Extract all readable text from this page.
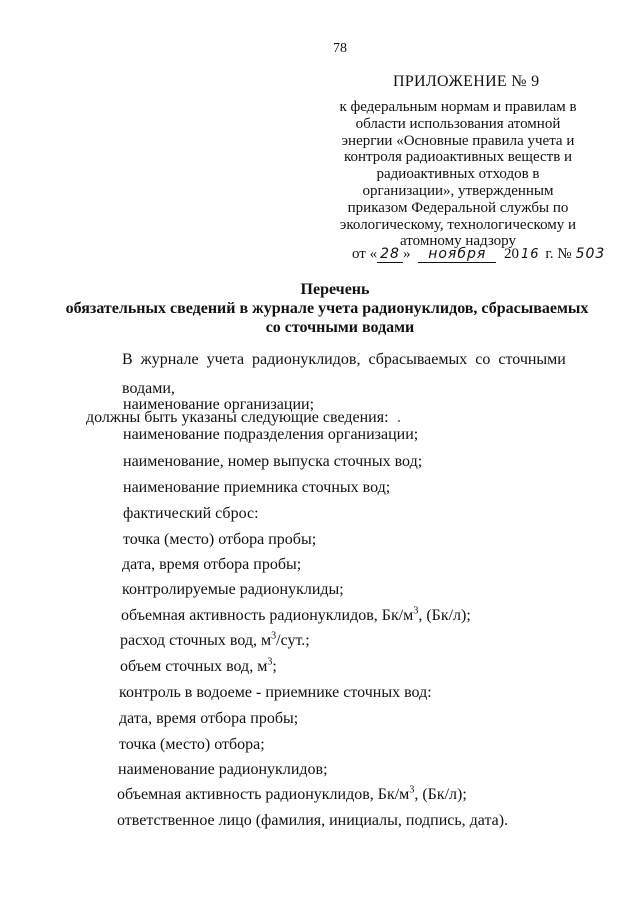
78
ПРИЛОЖЕНИЕ № 9
к федеральным нормам и правилам в
области использования атомной
энергии «Основные правила учета и
контроля радиоактивных веществ и
радиоактивных отходов в
организации», утвержденным
приказом Федеральной службы по
экологическому, технологическому и
атомному надзору
от « 28 » ноября 20 16 г. № 503
Перечень
обязательных сведений в журнале учета радионуклидов, сбрасываемых
со сточными водами
В журнале учета радионуклидов, сбрасываемых со сточными водами,
должны быть указаны следующие сведения:
наименование организации;
наименование подразделения организации;
наименование, номер выпуска сточных вод;
наименование приемника сточных вод;
фактический сброс:
точка (место) отбора пробы;
дата, время отбора пробы;
контролируемые радионуклиды;
объемная активность радионуклидов, $Бк/м^3$, (Бк/л);
расход сточных вод, $м^3$/сут.;
объем сточных вод, $м^3$;
контроль в водоеме - приемнике сточных вод:
дата, время отбора пробы;
точка (место) отбора;
наименование радионуклидов;
объемная активность радионуклидов, $Бк/м^3$, (Бк/л);
ответственное лицо (фамилия, инициалы, подпись, дата).
